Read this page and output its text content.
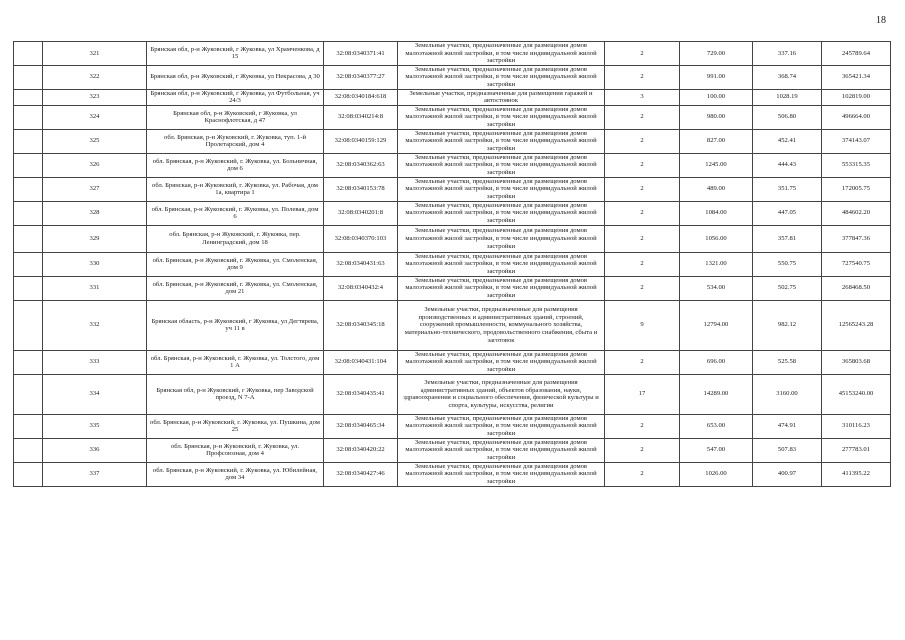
18
	321	Брянская обл, р-н Жуковский, г Жуковка, ул Храмченкова, д 15	32:08:0340371:41	Земельные участки, предназначенные для размещения домов малоэтажной жилой застройки, в том числе индивидуальной жилой застройки	2	729.00	337.16	245789.64
	322	Брянская обл, р-н Жуковский, г Жуковка, ул Некрасова, д 30	32:08:0340377:27	Земельные участки, предназначенные для размещения домов малоэтажной жилой застройки, в том числе индивидуальной жилой застройки	2	991.00	368.74	365421.34
	323	Брянская обл, р-н Жуковский, г Жуковка, ул Футбольная, уч 24/3	32:08:0340184:618	Земельные участки, предназначенные для размещения гаражей и автостоянок	3	100.00	1028.19	102819.00
	324	Брянская обл, р-н Жуковский, г Жуковка, ул Краснофлотская, д 47	32:08:0340214:8	Земельные участки, предназначенные для размещения домов малоэтажной жилой застройки, в том числе индивидуальной жилой застройки	2	980.00	506.80	496664.00
	325	обл. Брянская, р-н Жуковский, г. Жуковка, туп. 1-й Пролетарский, дом 4	32:08:0340159:129	Земельные участки, предназначенные для размещения домов малоэтажной жилой застройки, в том числе индивидуальной жилой застройки	2	827.00	452.41	374143.07
	326	обл. Брянская, р-н Жуковский, г. Жуковка, ул. Больничная, дом 6	32:08:0340362:63	Земельные участки, предназначенные для размещения домов малоэтажной жилой застройки, в том числе индивидуальной жилой застройки	2	1245.00	444.43	553315.35
	327	обл. Брянская, р-н Жуковский, г. Жуковка, ул. Рабочая, дом 1а, квартира 1	32:08:0340153:78	Земельные участки, предназначенные для размещения домов малоэтажной жилой застройки, в том числе индивидуальной жилой застройки	2	489.00	351.75	172005.75
	328	обл. Брянская, р-н Жуковский, г. Жуковка, ул. Полевая, дом 6	32:08:0340201:8	Земельные участки, предназначенные для размещения домов малоэтажной жилой застройки, в том числе индивидуальной жилой застройки	2	1084.00	447.05	484602.20
	329	обл. Брянская, р-н Жуковский, г. Жуковка, пер. Ленинградский, дом 18	32:08:0340370:103	Земельные участки, предназначенные для размещения домов малоэтажной жилой застройки, в том числе индивидуальной жилой застройки	2	1056.00	357.81	377847.36
	330	обл. Брянская, р-н Жуковский, г. Жуковка, ул. Смоленская, дом 9	32:08:0340431:63	Земельные участки, предназначенные для размещения домов малоэтажной жилой застройки, в том числе индивидуальной жилой застройки	2	1321.00	550.75	727540.75
	331	обл. Брянская, р-н Жуковский, г. Жуковка, ул. Смоленская, дом 21	32:08:0340432:4	Земельные участки, предназначенные для размещения домов малоэтажной жилой застройки, в том числе индивидуальной жилой застройки	2	534.00	502.75	268468.50
	332	Брянская область, р-н Жуковский, г Жуковка, ул Дегтярева, уч 11 в	32:08:0340345:18	Земельные участки, предназначенные для размещения производственных и административных зданий, строений, сооружений промышленности, коммунального хозяйства, материально-технического, продовольственного снабжения, сбыта и заготовок	9	12794.00	982.12	12565243.28
	333	обл. Брянская, р-н Жуковский, г. Жуковка, ул. Толстого, дом 1 А	32:08:0340431:104	Земельные участки, предназначенные для размещения домов малоэтажной жилой застройки, в том числе индивидуальной жилой застройки	2	696.00	525.58	365803.68
	334	Брянская обл, р-н Жуковский, г Жуковка, пер Заводской проезд, N 7-А	32:08:0340435:41	Земельные участки, предназначенные для размещения административных зданий, объектов образования, науки, здравоохранения и социального обеспечения, физической культуры и спорта, культуры, искусства, религии	17	14289.00	3160.00	45153240.00
	335	обл. Брянская, р-н Жуковский, г. Жуковка, ул. Пушкина, дом 25	32:08:0340465:34	Земельные участки, предназначенные для размещения домов малоэтажной жилой застройки, в том числе индивидуальной жилой застройки	2	653.00	474.91	310116.23
	336	обл. Брянская, р-н Жуковский, г. Жуковка, ул. Профсоюзная, дом 4	32:08:0340420:22	Земельные участки, предназначенные для размещения домов малоэтажной жилой застройки, в том числе индивидуальной жилой застройки	2	547.00	507.83	277783.01
	337	обл. Брянская, р-н Жуковский, г. Жуковка, ул. Юбилейная, дом 34	32:08:0340427:46	Земельные участки, предназначенные для размещения домов малоэтажной жилой застройки, в том числе индивидуальной жилой застройки	2	1026.00	400.97	411395.22
